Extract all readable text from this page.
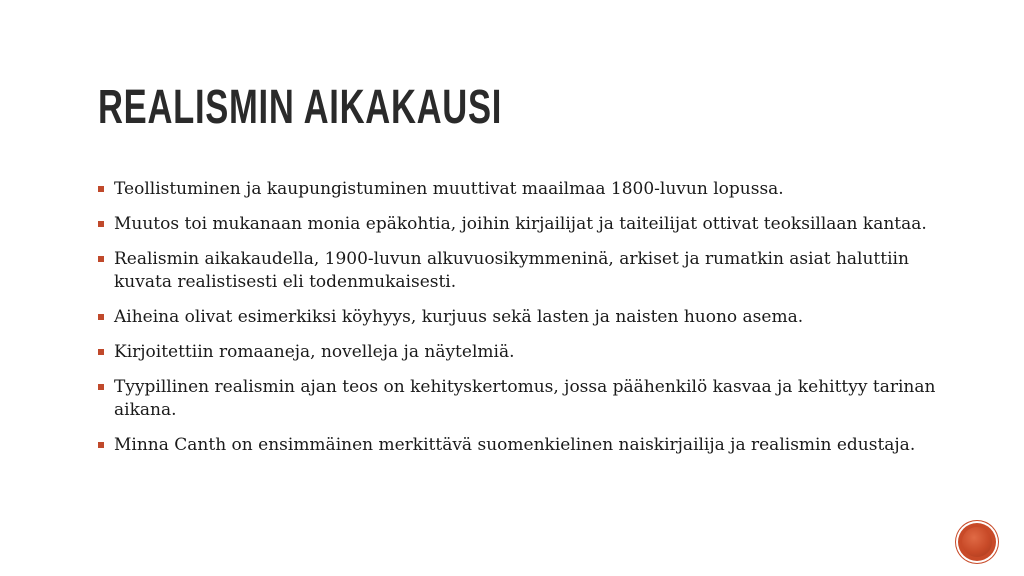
REALISMIN AIKAKAUSI
Teollistuminen ja kaupungistuminen muuttivat maailmaa 1800-luvun lopussa.
Muutos toi mukanaan monia epäkohtia, joihin kirjailijat ja taiteilijat ottivat teoksillaan kantaa.
Realismin aikakaudella, 1900-luvun alkuvuosikymmeninä, arkiset ja rumatkin asiat haluttiin kuvata realistisesti eli todenmukaisesti.
Aiheina olivat esimerkiksi köyhyys, kurjuus sekä lasten ja naisten huono asema.
Kirjoitettiin romaaneja, novelleja ja näytelmiä.
Tyypillinen realismin ajan teos on kehityskertomus, jossa päähenkilö kasvaa ja kehittyy tarinan aikana.
Minna Canth on ensimmäinen merkittävä suomenkielinen naiskirjailija ja realismin edustaja.
